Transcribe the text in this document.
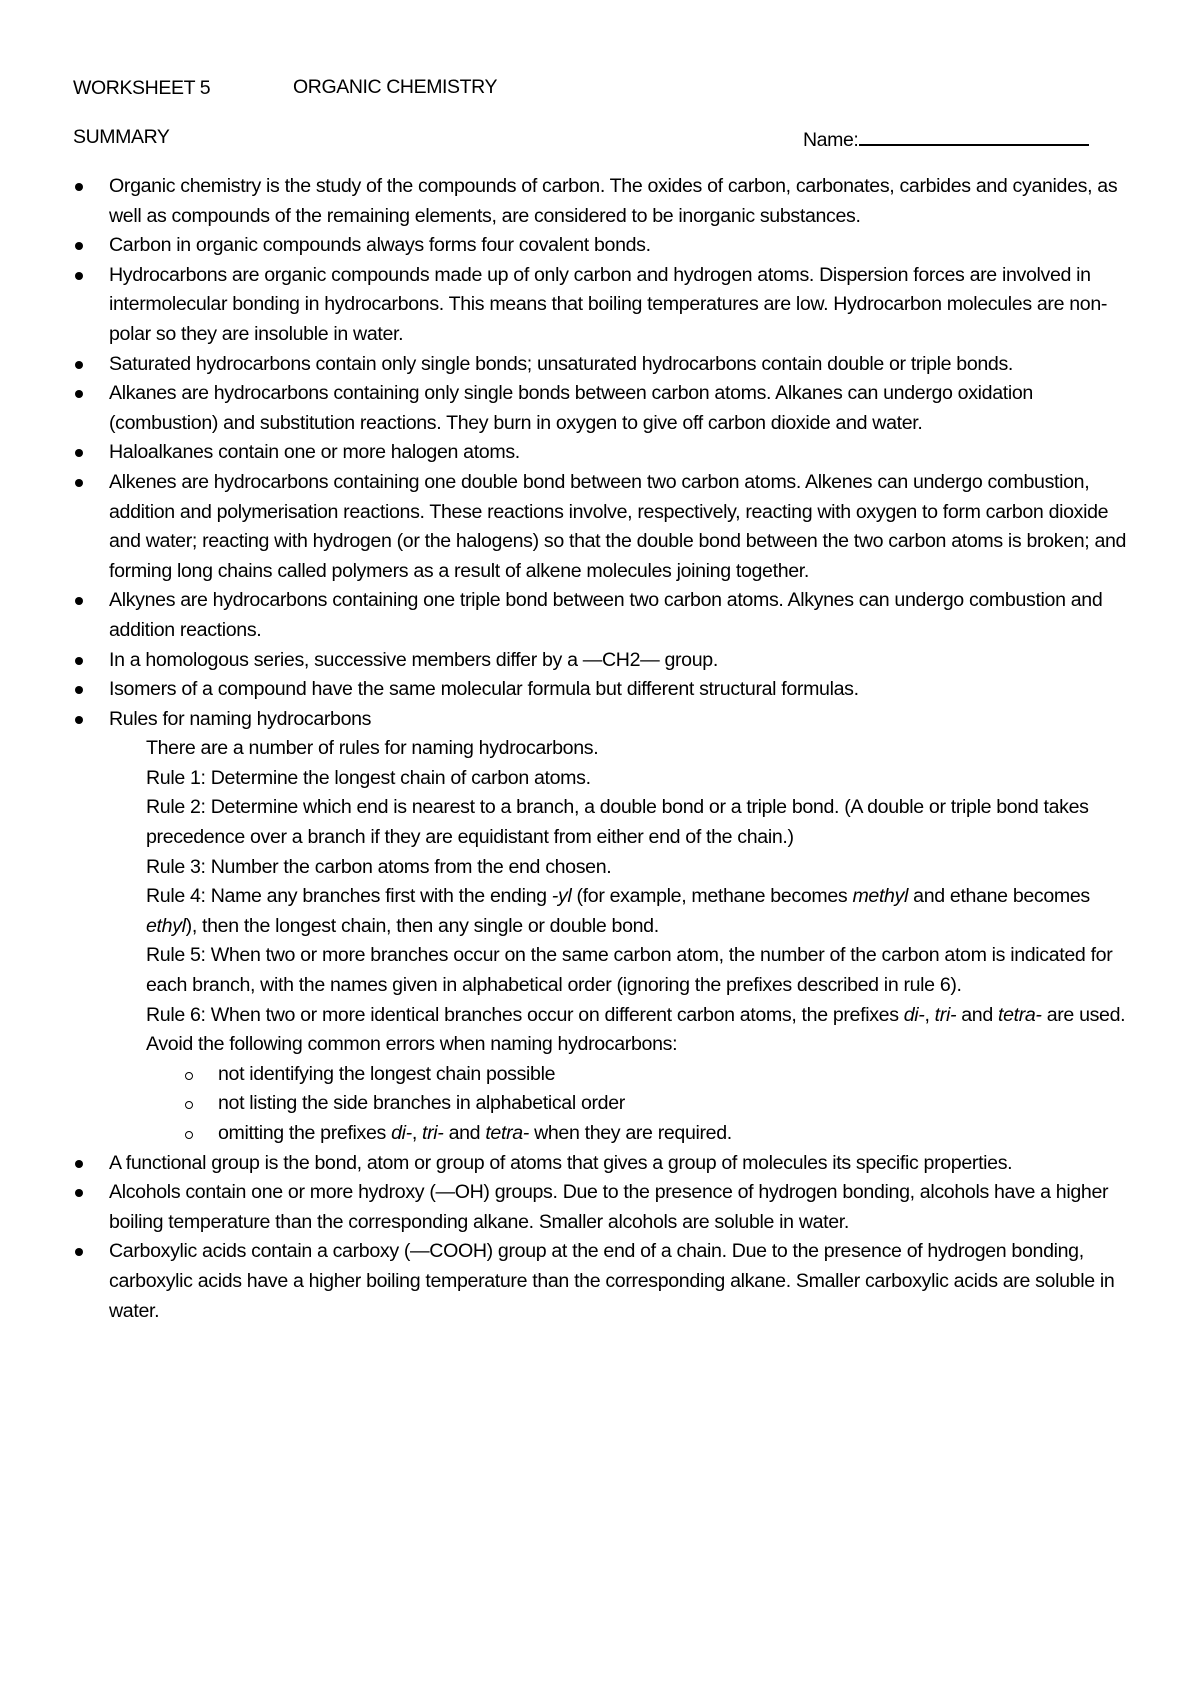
WORKSHEET 5	ORGANIC CHEMISTRY
SUMMARY	Name:
Organic chemistry is the study of the compounds of carbon. The oxides of carbon, carbonates, carbides and cyanides, as well as compounds of the remaining elements, are considered to be inorganic substances.
Carbon in organic compounds always forms four covalent bonds.
Hydrocarbons are organic compounds made up of only carbon and hydrogen atoms. Dispersion forces are involved in intermolecular bonding in hydrocarbons. This means that boiling temperatures are low. Hydrocarbon molecules are non-polar so they are insoluble in water.
Saturated hydrocarbons contain only single bonds; unsaturated hydrocarbons contain double or triple bonds.
Alkanes are hydrocarbons containing only single bonds between carbon atoms. Alkanes can undergo oxidation (combustion) and substitution reactions. They burn in oxygen to give off carbon dioxide and water.
Haloalkanes contain one or more halogen atoms.
Alkenes are hydrocarbons containing one double bond between two carbon atoms. Alkenes can undergo combustion, addition and polymerisation reactions. These reactions involve, respectively, reacting with oxygen to form carbon dioxide and water; reacting with hydrogen (or the halogens) so that the double bond between the two carbon atoms is broken; and forming long chains called polymers as a result of alkene molecules joining together.
Alkynes are hydrocarbons containing one triple bond between two carbon atoms. Alkynes can undergo combustion and addition reactions.
In a homologous series, successive members differ by a —CH2— group.
Isomers of a compound have the same molecular formula but different structural formulas.
Rules for naming hydrocarbons
There are a number of rules for naming hydrocarbons.
Rule 1: Determine the longest chain of carbon atoms.
Rule 2: Determine which end is nearest to a branch, a double bond or a triple bond. (A double or triple bond takes precedence over a branch if they are equidistant from either end of the chain.)
Rule 3: Number the carbon atoms from the end chosen.
Rule 4: Name any branches first with the ending -yl (for example, methane becomes methyl and ethane becomes ethyl), then the longest chain, then any single or double bond.
Rule 5: When two or more branches occur on the same carbon atom, the number of the carbon atom is indicated for each branch, with the names given in alphabetical order (ignoring the prefixes described in rule 6).
Rule 6: When two or more identical branches occur on different carbon atoms, the prefixes di-, tri- and tetra- are used.
Avoid the following common errors when naming hydrocarbons:
not identifying the longest chain possible
not listing the side branches in alphabetical order
omitting the prefixes di-, tri- and tetra- when they are required.
A functional group is the bond, atom or group of atoms that gives a group of molecules its specific properties.
Alcohols contain one or more hydroxy (—OH) groups. Due to the presence of hydrogen bonding, alcohols have a higher boiling temperature than the corresponding alkane. Smaller alcohols are soluble in water.
Carboxylic acids contain a carboxy (—COOH) group at the end of a chain. Due to the presence of hydrogen bonding, carboxylic acids have a higher boiling temperature than the corresponding alkane. Smaller carboxylic acids are soluble in water.
